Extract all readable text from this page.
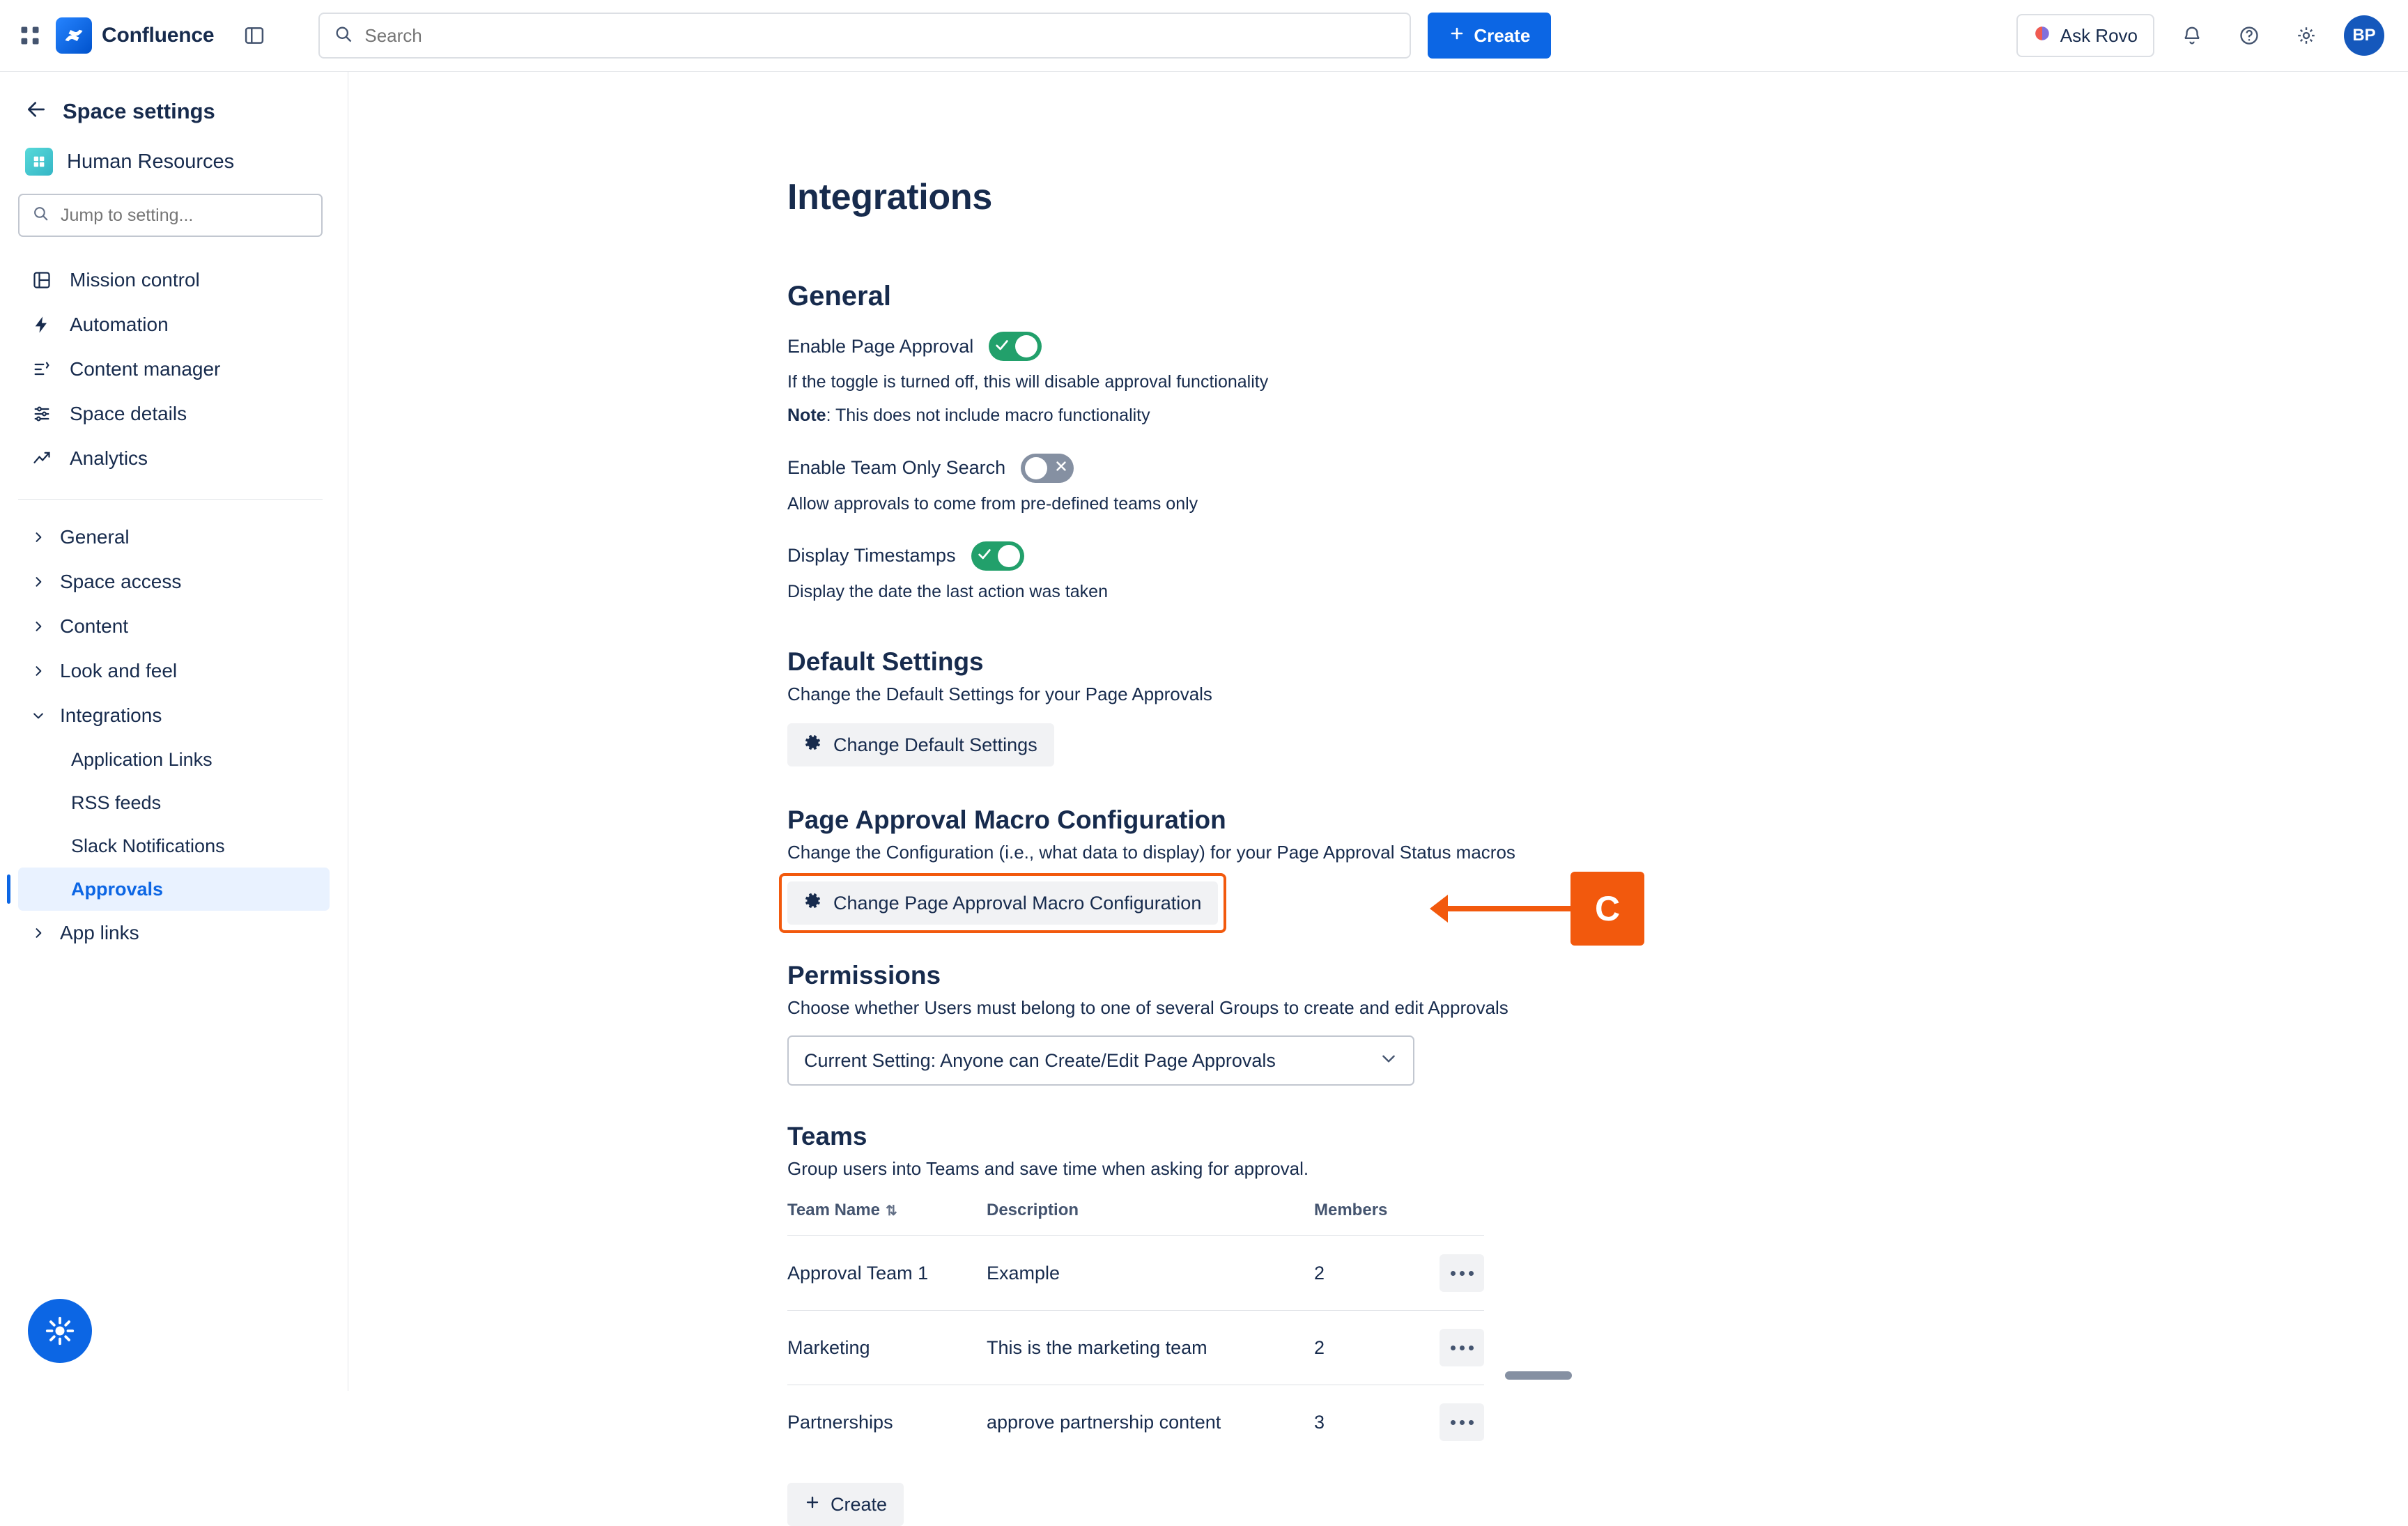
Confluence
Search	Create	Ask Rovo	BP
Space settings
Human Resources
Jump to setting...
Mission control
Automation
Content manager
Space details
Analytics
General
Space access
Content
Look and feel
Integrations
Application Links
RSS feeds
Slack Notifications
Approvals
App links
Integrations
General
Enable Page Approval
If the toggle is turned off, this will disable approval functionality
Note: This does not include macro functionality
Enable Team Only Search
Allow approvals to come from pre-defined teams only
Display Timestamps
Display the date the last action was taken
Default Settings
Change the Default Settings for your Page Approvals
Change Default Settings
Page Approval Macro Configuration
Change the Configuration (i.e., what data to display) for your Page Approval Status macros
Change Page Approval Macro Configuration
Permissions
Choose whether Users must belong to one of several Groups to create and edit Approvals
Current Setting: Anyone can Create/Edit Page Approvals
Teams
Group users into Teams and save time when asking for approval.
Team Name ⇅	Description	Members	
Approval Team 1	Example	2	

Marketing	This is the marketing team	2	

Partnerships	approve partnership content	3	
Create
C
